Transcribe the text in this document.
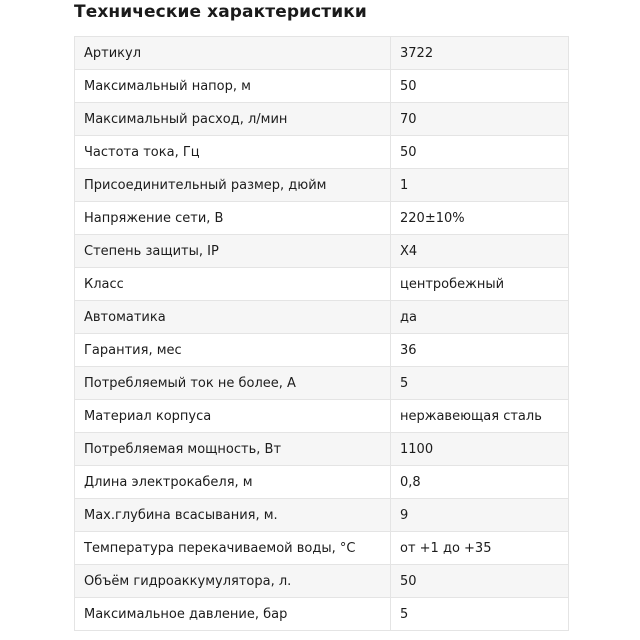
Технические характеристики
Артикул	3722
Максимальный напор, м	50
Максимальный расход, л/мин	70
Частота тока, Гц	50
Присоединительный размер, дюйм	1
Напряжение сети, В	220±10%
Степень защиты, IP	X4
Класс	центробежный
Автоматика	да
Гарантия, мес	36
Потребляемый ток не более, А	5
Материал корпуса	нержавеющая сталь
Потребляемая мощность, Вт	1100
Длина электрокабеля, м	0,8
Max.глубина всасывания, м.	9
Температура перекачиваемой воды, °C	от +1 до +35
Объём гидроаккумулятора, л.	50
Максимальное давление, бар	5
